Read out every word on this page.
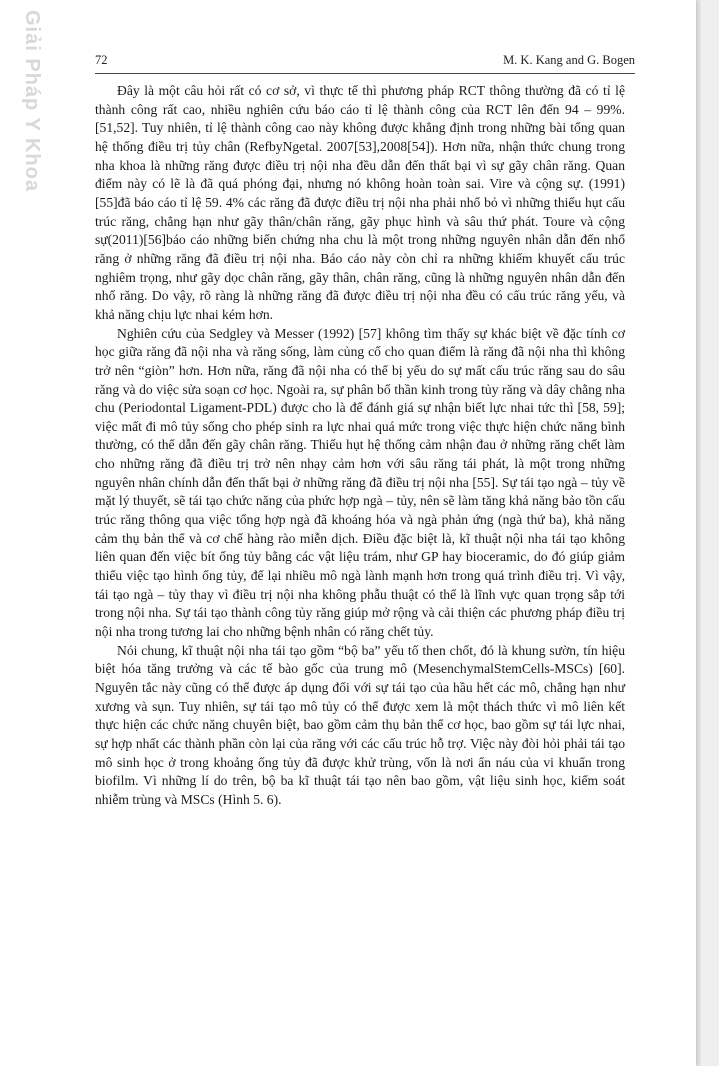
Giải Pháp Y Khoa	72	M. K. Kang and G. Bogen

Đây là một câu hỏi rất có cơ sở, vì thực tế thì phương pháp RCT thông thường đã có tỉ lệ thành công rất cao, nhiều nghiên cứu báo cáo tỉ lệ thành công của RCT lên đến 94 – 99%. [51,52]. Tuy nhiên, tỉ lệ thành công cao này không được khẳng định trong những bài tổng quan hệ thống điều trị tủy chân (RefbyNgetal. 2007[53],2008[54]). Hơn nữa, nhận thức chung trong nha khoa là những răng được điều trị nội nha đều dẫn đến thất bại vì sự gãy chân răng. Quan điểm này có lẽ là đã quá phóng đại, nhưng nó không hoàn toàn sai. Vire và cộng sự. (1991)[55]đã báo cáo tỉ lệ 59. 4% các răng đã được điều trị nội nha phải nhổ bỏ vì những thiếu hụt cấu trúc răng, chẳng hạn như gãy thân/chân răng, gãy phục hình và sâu thứ phát. Toure và cộng sự(2011)[56]báo cáo những biến chứng nha chu là một trong những nguyên nhân dẫn đến nhổ răng ở những răng đã điều trị nội nha. Báo cáo này còn chỉ ra những khiếm khuyết cấu trúc nghiêm trọng, như gãy dọc chân răng, gãy thân, chân răng, cũng là những nguyên nhân dẫn đến nhổ răng. Do vậy, rõ ràng là những răng đã được điều trị nội nha đều có cấu trúc răng yếu, và khả năng chịu lực nhai kém hơn.

Nghiên cứu của Sedgley và Messer (1992) [57] không tìm thấy sự khác biệt về đặc tính cơ học giữa răng đã nội nha và răng sống, làm củng cố cho quan điểm là răng đã nội nha thì không trở nên “giòn” hơn. Hơn nữa, răng đã nội nha có thể bị yếu do sự mất cấu trúc răng sau do sâu răng và do việc sửa soạn cơ học. Ngoài ra, sự phân bố thần kinh trong tủy răng và dây chằng nha chu (Periodontal Ligament-PDL) được cho là để đánh giá sự nhận biết lực nhai tức thì [58, 59]; việc mất đi mô tủy sống cho phép sinh ra lực nhai quá mức trong việc thực hiện chức năng bình thường, có thể dẫn đến gãy chân răng. Thiếu hụt hệ thống cảm nhận đau ở những răng chết làm cho những răng đã điều trị trở nên nhạy cảm hơn với sâu răng tái phát, là một trong những nguyên nhân chính dẫn đến thất bại ở những răng đã điều trị nội nha [55]. Sự tái tạo ngà – tủy về mặt lý thuyết, sẽ tái tạo chức năng của phức hợp ngà – tủy, nên sẽ làm tăng khả năng bảo tồn cấu trúc răng thông qua việc tổng hợp ngà đã khoáng hóa và ngà phản ứng (ngà thứ ba), khả năng cảm thụ bản thể và cơ chế hàng rào miễn dịch. Điều đặc biệt là, kĩ thuật nội nha tái tạo không liên quan đến việc bít ống tủy bằng các vật liệu trám, như GP hay bioceramic, do đó giúp giảm thiểu việc tạo hình ống tủy, để lại nhiều mô ngà lành mạnh hơn trong quá trình điều trị. Vì vậy, tái tạo ngà – tủy thay vì điều trị nội nha không phẫu thuật có thể là lĩnh vực quan trọng sắp tới trong nội nha. Sự tái tạo thành công tủy răng giúp mở rộng và cải thiện các phương pháp điều trị nội nha trong tương lai cho những bệnh nhân có răng chết tủy.

Nói chung, kĩ thuật nội nha tái tạo gồm “bộ ba” yếu tố then chốt, đó là khung sườn, tín hiệu biệt hóa tăng trưởng và các tế bào gốc của trung mô (MesenchymalStemCells-MSCs) [60]. Nguyên tắc này cũng có thể được áp dụng đối với sự tái tạo của hầu hết các mô, chẳng hạn như xương và sụn. Tuy nhiên, sự tái tạo mô tủy có thể được xem là một thách thức vì mô liên kết thực hiện các chức năng chuyên biệt, bao gồm cảm thụ bản thể cơ học, bao gồm sự tái lực nhai, sự hợp nhất các thành phần còn lại của răng với các cấu trúc hỗ trợ. Việc này đòi hỏi phải tái tạo mô sinh học ở trong khoảng ống tủy đã được khử trùng, vốn là nơi ẩn náu của vi khuẩn trong biofilm. Vì những lí do trên, bộ ba kĩ thuật tái tạo nên bao gồm, vật liệu sinh học, kiểm soát nhiễm trùng và MSCs (Hình 5. 6).
